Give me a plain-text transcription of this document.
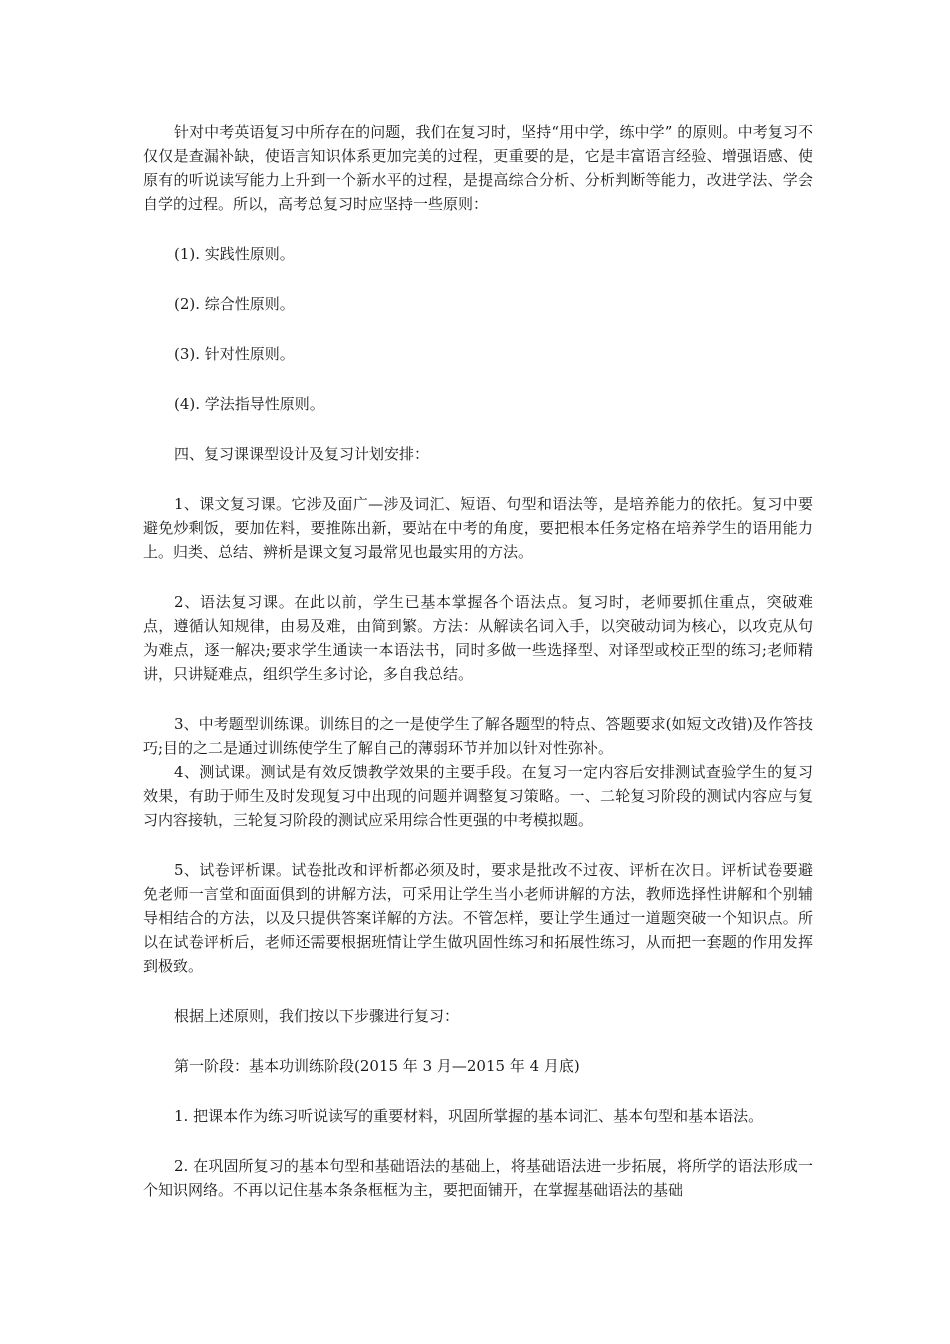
针对中考英语复习中所存在的问题，我们在复习时，坚持“用中学，练中学” 的原则。中考复习不仅仅是查漏补缺，使语言知识体系更加完美的过程，更重要的是，它是丰富语言经验、增强语感、使原有的听说读写能力上升到一个新水平的过程，是提高综合分析、分析判断等能力，改进学法、学会自学的过程。所以，高考总复习时应坚持一些原则：

(1). 实践性原则。

(2). 综合性原则。

(3). 针对性原则。

(4). 学法指导性原则。

四、复习课课型设计及复习计划安排：

1、课文复习课。它涉及面广—涉及词汇、短语、句型和语法等，是培养能力的依托。复习中要避免炒剩饭，要加佐料，要推陈出新，要站在中考的角度，要把根本任务定格在培养学生的语用能力上。归类、总结、辨析是课文复习最常见也最实用的方法。

2、语法复习课。在此以前，学生已基本掌握各个语法点。复习时，老师要抓住重点，突破难点，遵循认知规律，由易及难，由简到繁。方法：从解读名词入手，以突破动词为核心，以攻克从句为难点，逐一解决;要求学生通读一本语法书，同时多做一些选择型、对译型或校正型的练习;老师精讲，只讲疑难点，组织学生多讨论，多自我总结。

3、中考题型训练课。训练目的之一是使学生了解各题型的特点、答题要求(如短文改错)及作答技巧;目的之二是通过训练使学生了解自己的薄弱环节并加以针对性弥补。

4、测试课。测试是有效反馈教学效果的主要手段。在复习一定内容后安排测试查验学生的复习效果，有助于师生及时发现复习中出现的问题并调整复习策略。一、二轮复习阶段的测试内容应与复习内容接轨，三轮复习阶段的测试应采用综合性更强的中考模拟题。

5、试卷评析课。试卷批改和评析都必须及时，要求是批改不过夜、评析在次日。评析试卷要避免老师一言堂和面面俱到的讲解方法，可采用让学生当小老师讲解的方法，教师选择性讲解和个别辅导相结合的方法，以及只提供答案详解的方法。不管怎样，要让学生通过一道题突破一个知识点。所以在试卷评析后，老师还需要根据班情让学生做巩固性练习和拓展性练习，从而把一套题的作用发挥到极致。

根据上述原则，我们按以下步骤进行复习：

第一阶段：基本功训练阶段(2015 年 3 月—2015 年 4 月底)

1. 把课本作为练习听说读写的重要材料，巩固所掌握的基本词汇、基本句型和基本语法。

2. 在巩固所复习的基本句型和基础语法的基础上，将基础语法进一步拓展，将所学的语法形成一个知识网络。不再以记住基本条条框框为主，要把面铺开，在掌握基础语法的基础
